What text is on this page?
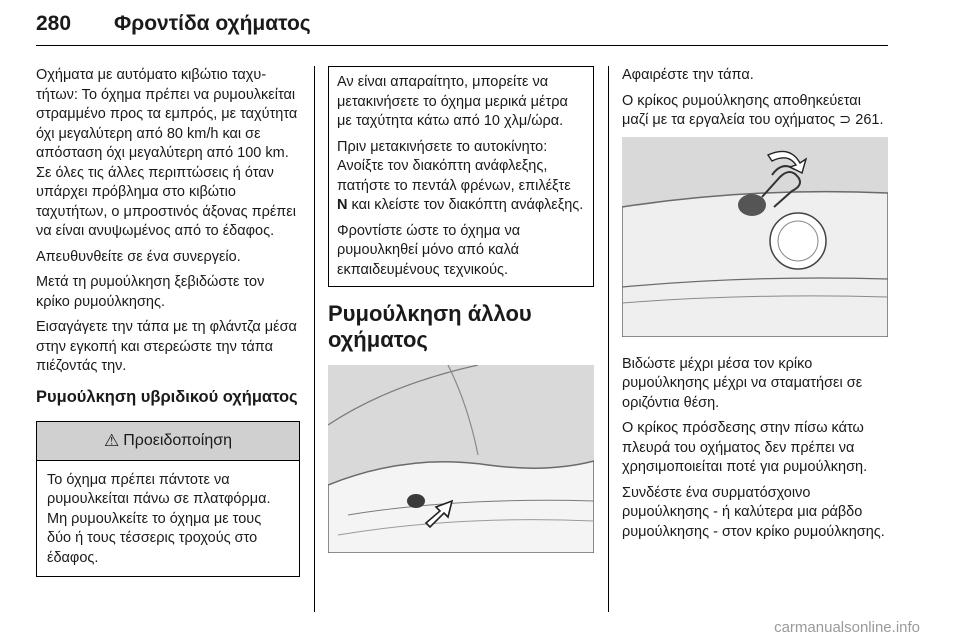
280 Φροντίδα οχήματος

Οχήματα με αυτόματο κιβώτιο ταχυτήτων: Το όχημα πρέπει να ρυμουλκείται στραμμένο προς τα εμπρός, με ταχύτητα όχι μεγαλύτερη από 80 km/h και σε απόσταση όχι μεγαλύτερη από 100 km. Σε όλες τις άλλες περιπτώσεις ή όταν υπάρχει πρόβλημα στο κιβώτιο ταχυτήτων, ο μπροστινός άξονας πρέπει να είναι ανυψωμένος από το έδαφος.

Απευθυνθείτε σε ένα συνεργείο.

Μετά τη ρυμούλκηση ξεβιδώστε τον κρίκο ρυμούλκησης.

Εισαγάγετε την τάπα με τη φλάντζα μέσα στην εγκοπή και στερεώστε την τάπα πιέζοντάς την.

Ρυμούλκηση υβριδικού οχήματος
⚠ Προειδοποίηση

Το όχημα πρέπει πάντοτε να ρυμουλκείται πάνω σε πλατφόρμα. Μη ρυμουλκείτε το όχημα με τους δύο ή τους τέσσερις τροχούς στο έδαφος.

Αν είναι απαραίτητο, μπορείτε να μετακινήσετε το όχημα μερικά μέτρα με ταχύτητα κάτω από 10 χλμ/ώρα.

Πριν μετακινήσετε το αυτοκίνητο: Ανοίξτε τον διακόπτη ανάφλεξης, πατήστε το πεντάλ φρένων, επιλέξτε N και κλείστε τον διακόπτη ανάφλεξης.

Φροντίστε ώστε το όχημα να ρυμουλκηθεί μόνο από καλά εκπαιδευμένους τεχνικούς.

Ρυμούλκηση άλλου οχήματος

Αφαιρέστε την τάπα.

Ο κρίκος ρυμούλκησης αποθηκεύεται μαζί με τα εργαλεία του οχήματος ⊃ 261.

Βιδώστε μέχρι μέσα τον κρίκο ρυμούλκησης μέχρι να σταματήσει σε οριζόντια θέση.

Ο κρίκος πρόσδεσης στην πίσω κάτω πλευρά του οχήματος δεν πρέπει να χρησιμοποιείται ποτέ για ρυμούλκηση.

Συνδέστε ένα συρματόσχοινο ρυμούλκησης - ή καλύτερα μια ράβδο ρυμούλκησης - στον κρίκο ρυμούλκησης.

carmanualsonline.info
